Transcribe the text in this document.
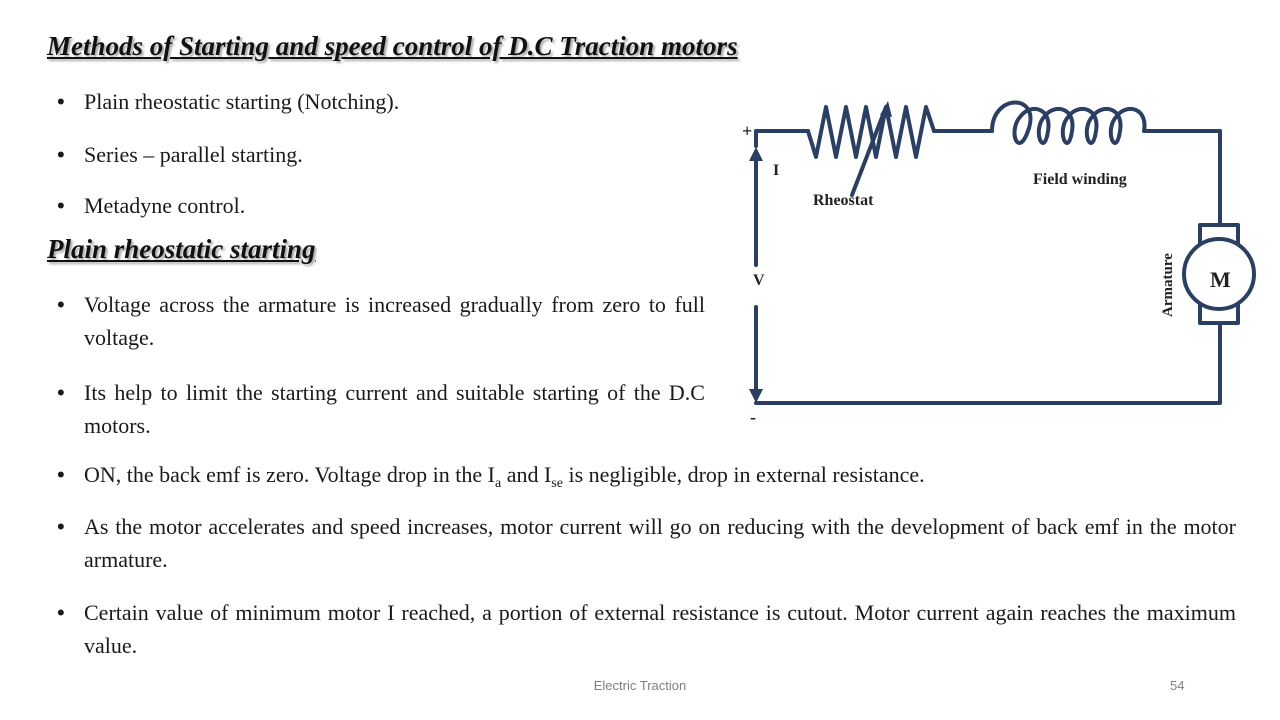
Methods of Starting and speed control of D.C Traction motors
• Plain rheostatic starting (Notching).
• Series – parallel starting.
• Metadyne control.
Plain rheostatic starting
• Voltage across the armature is increased gradually from zero to full voltage.
• Its help to limit the starting current and suitable starting of the D.C motors.
• ON, the back emf is zero. Voltage drop in the $I_a$ and $I_{se}$ is negligible, drop in external resistance.
• As the motor accelerates and speed increases, motor current will go on reducing with the development of back emf in the motor armature.
• Certain value of minimum motor I reached, a portion of external resistance is cutout. Motor current again reaches the maximum value.
+
I
V
-
Rheostat
Field winding
Armature M
Electric Traction	54
